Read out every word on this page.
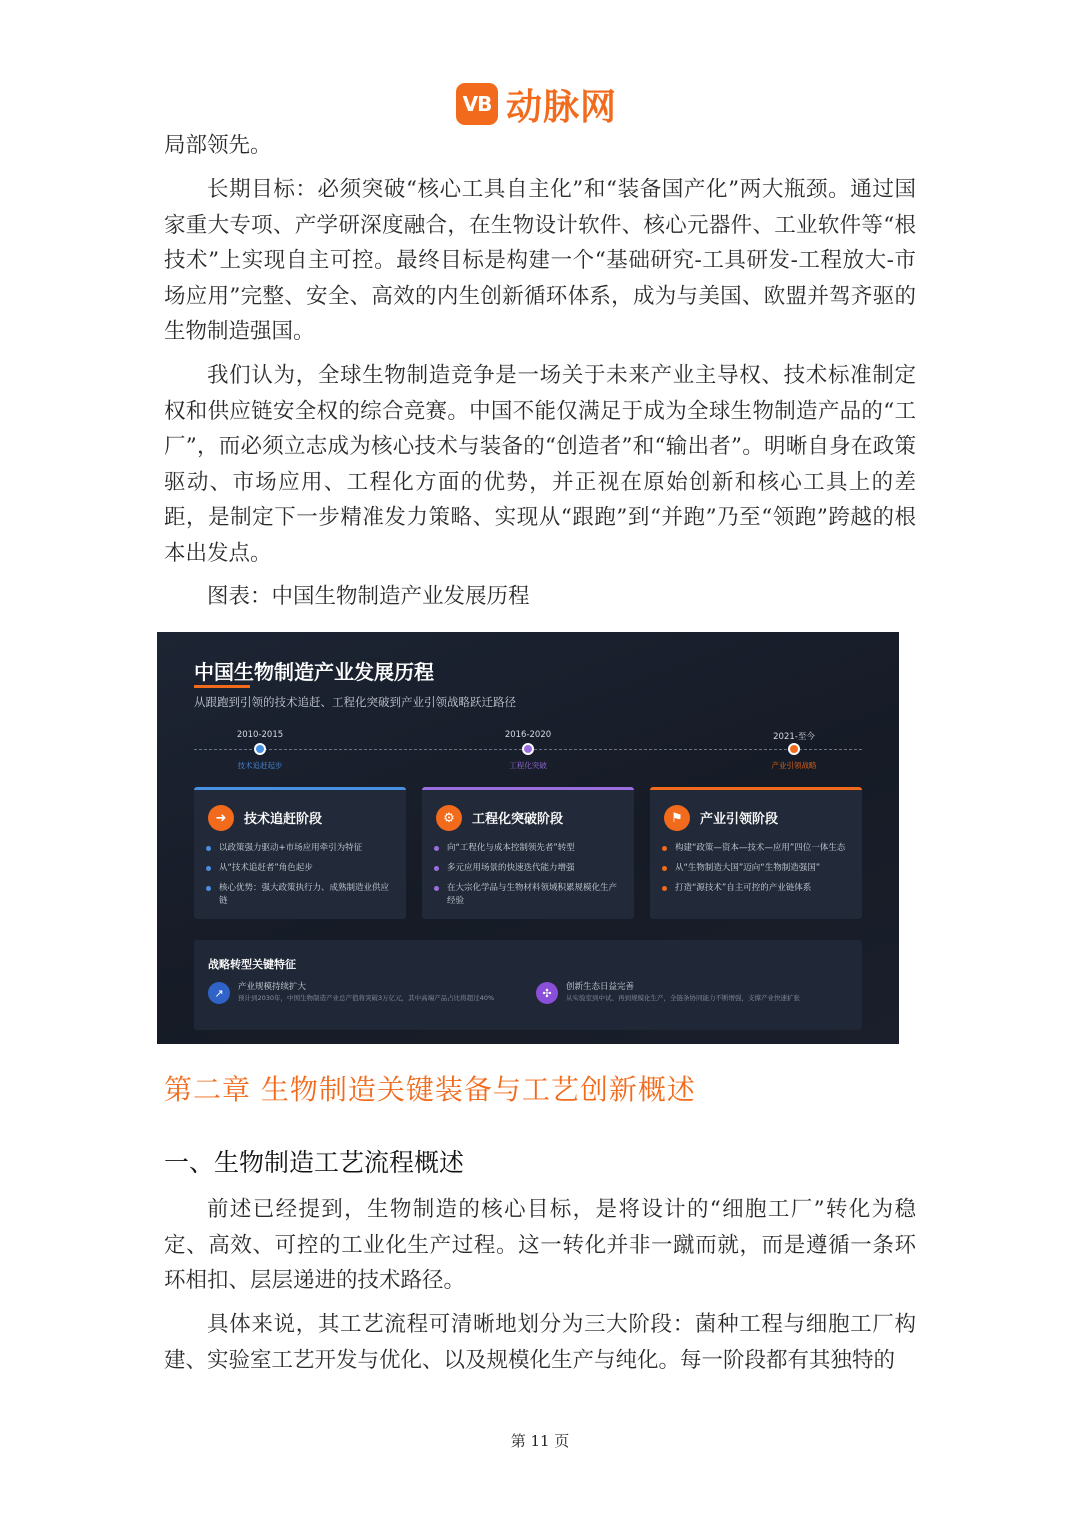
VB 动脉网

局部领先。

长期目标：必须突破“核心工具自主化”和“装备国产化”两大瓶颈。通过国家重大专项、产学研深度融合，在生物设计软件、核心元器件、工业软件等“根技术”上实现自主可控。最终目标是构建一个“基础研究-工具研发-工程放大-市场应用”完整、安全、高效的内生创新循环体系，成为与美国、欧盟并驾齐驱的生物制造强国。

我们认为，全球生物制造竞争是一场关于未来产业主导权、技术标准制定权和供应链安全权的综合竞赛。中国不能仅满足于成为全球生物制造产品的“工厂”，而必须立志成为核心技术与装备的“创造者”和“输出者”。明晰自身在政策驱动、市场应用、工程化方面的优势，并正视在原始创新和核心工具上的差距，是制定下一步精准发力策略、实现从“跟跑”到“并跑”乃至“领跑”跨越的根本出发点。

图表：中国生物制造产业发展历程

中国生物制造产业发展历程
从跟跑到引领的技术追赶、工程化突破到产业引领战略跃迁路径
2010-2015
技术追赶起步
2016-2020
工程化突破
2021-至今
产业引领战略
➜	技术追赶阶段
以政策强力驱动+市场应用牵引为特征
从“技术追赶者”角色起步
核心优势：强大政策执行力、成熟制造业供应链
⚙	工程化突破阶段
向“工程化与成本控制领先者”转型
多元应用场景的快速迭代能力增强
在大宗化学品与生物材料领域积累规模化生产经验
⚑	产业引领阶段
构建“政策—资本—技术—应用”四位一体生态
从“生物制造大国”迈向“生物制造强国”
打造“源技术”自主可控的产业链体系
战略转型关键特征
↗	产业规模持续扩大
预计到2030年，中国生物制造产业总产值将突破3万亿元，其中高端产品占比将超过40%	✣	创新生态日益完善
从实验室到中试、再到规模化生产，全链条协同能力不断增强，支撑产业快速扩张
第二章 生物制造关键装备与工艺创新概述
一、生物制造工艺流程概述

前述已经提到，生物制造的核心目标，是将设计的“细胞工厂”转化为稳定、高效、可控的工业化生产过程。这一转化并非一蹴而就，而是遵循一条环环相扣、层层递进的技术路径。

具体来说，其工艺流程可清晰地划分为三大阶段：菌种工程与细胞工厂构建、实验室工艺开发与优化、以及规模化生产与纯化。每一阶段都有其独特的

第 11 页
